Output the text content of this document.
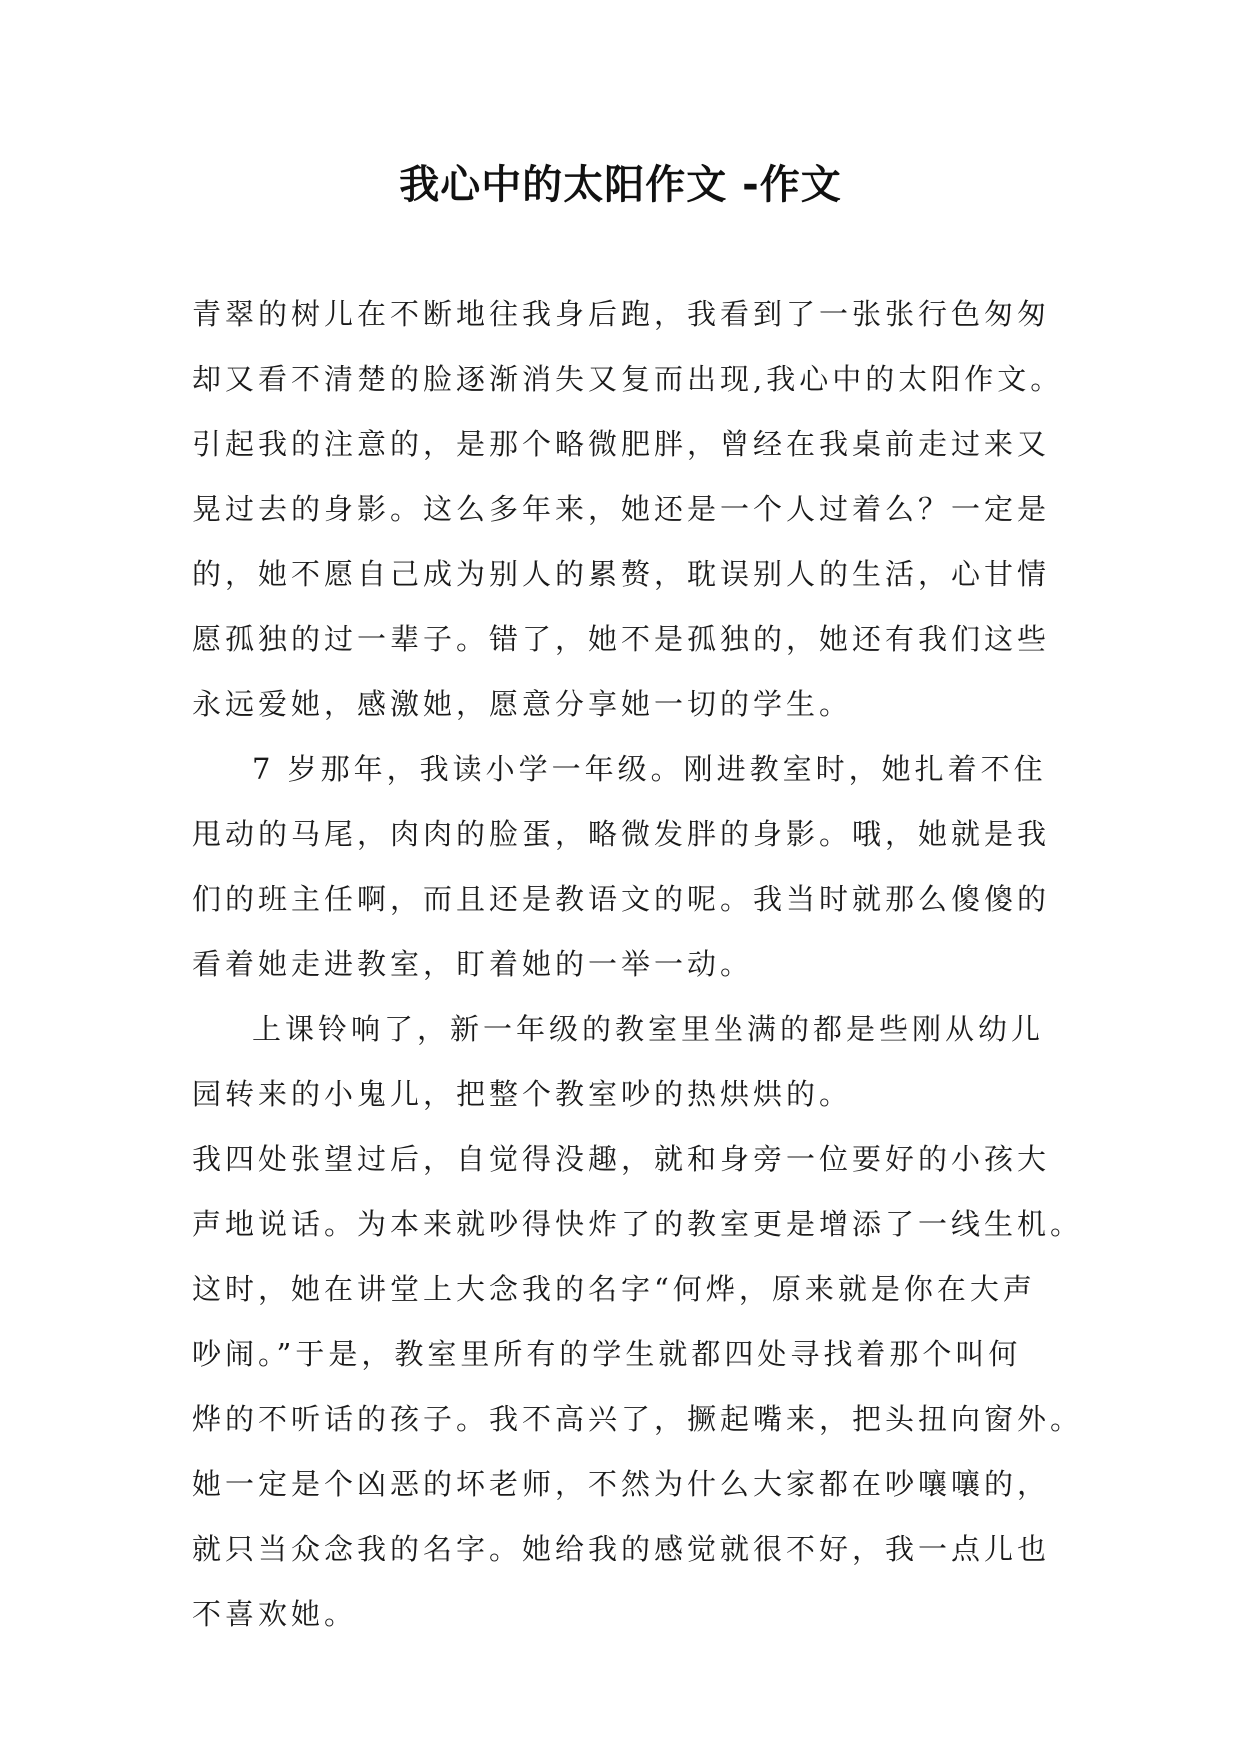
我心中的太阳作文 -作文
青翠的树儿在不断地往我身后跑，我看到了一张张行色匆匆
却又看不清楚的脸逐渐消失又复而出现,我心中的太阳作文。
引起我的注意的，是那个略微肥胖，曾经在我桌前走过来又
晃过去的身影。这么多年来，她还是一个人过着么？一定是
的，她不愿自己成为别人的累赘，耽误别人的生活，心甘情
愿孤独的过一辈子。错了，她不是孤独的，她还有我们这些
永远爱她，感激她，愿意分享她一切的学生。
7 岁那年，我读小学一年级。刚进教室时，她扎着不住
甩动的马尾，肉肉的脸蛋，略微发胖的身影。哦，她就是我
们的班主任啊，而且还是教语文的呢。我当时就那么傻傻的
看着她走进教室，盯着她的一举一动。
上课铃响了，新一年级的教室里坐满的都是些刚从幼儿
园转来的小鬼儿，把整个教室吵的热烘烘的。
我四处张望过后，自觉得没趣，就和身旁一位要好的小孩大
声地说话。为本来就吵得快炸了的教室更是增添了一线生机。
这时，她在讲堂上大念我的名字“何烨，原来就是你在大声
吵闹。”于是，教室里所有的学生就都四处寻找着那个叫何
烨的不听话的孩子。我不高兴了，撅起嘴来，把头扭向窗外。
她一定是个凶恶的坏老师，不然为什么大家都在吵嚷嚷的，
就只当众念我的名字。她给我的感觉就很不好，我一点儿也
不喜欢她。
